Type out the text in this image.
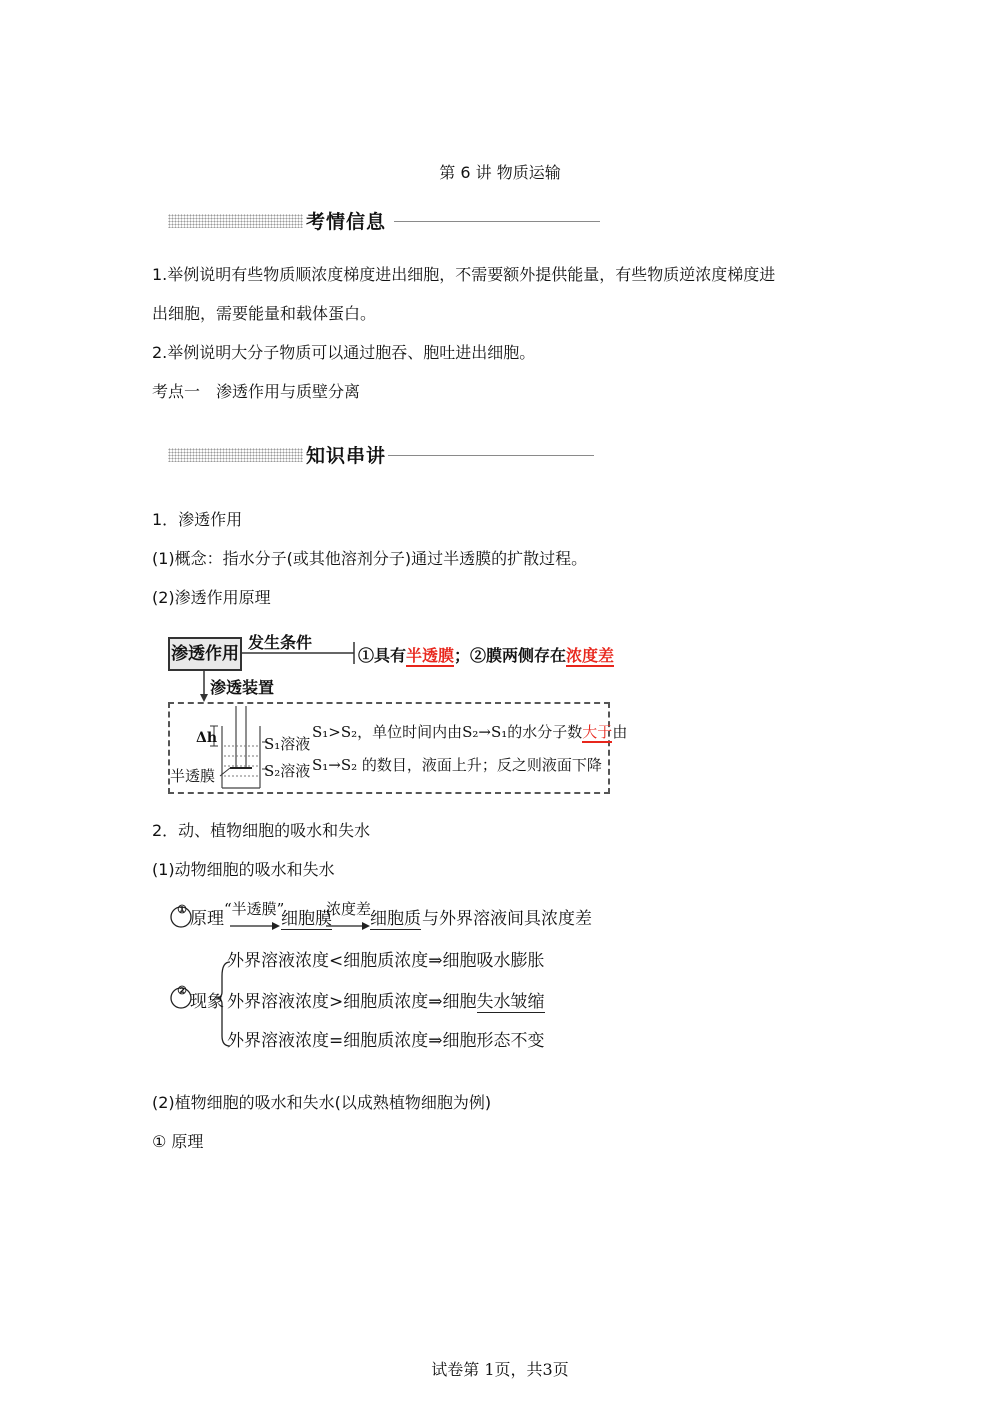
第 6 讲 物质运输
考情信息
1.举例说明有些物质顺浓度梯度进出细胞，不需要额外提供能量，有些物质逆浓度梯度进
出细胞，需要能量和载体蛋白。
2.举例说明大分子物质可以通过胞吞、胞吐进出细胞。
考点一　渗透作用与质壁分离
知识串讲
1．渗透作用
(1)概念：指水分子(或其他溶剂分子)通过半透膜的扩散过程。
(2)渗透作用原理
渗透作用
发生条件
①具有半透膜；②膜两侧存在浓度差
渗透装置
Δh
半透膜
S₁溶液
S₂溶液
S₁>S₂，单位时间内由S₂→S₁的水分子数大于由
S₁→S₂ 的数目，液面上升；反之则液面下降
2．动、植物细胞的吸水和失水
(1)动物细胞的吸水和失水
① 原理 “半透膜”
细胞膜
浓度差
细胞质 与外界溶液间具浓度差
②
现象
外界溶液浓度<细胞质浓度⇒细胞吸水膨胀
外界溶液浓度>细胞质浓度⇒细胞失水皱缩
外界溶液浓度=细胞质浓度⇒细胞形态不变
(2)植物细胞的吸水和失水(以成熟植物细胞为例)
① 原理
试卷第 1页，共3页
